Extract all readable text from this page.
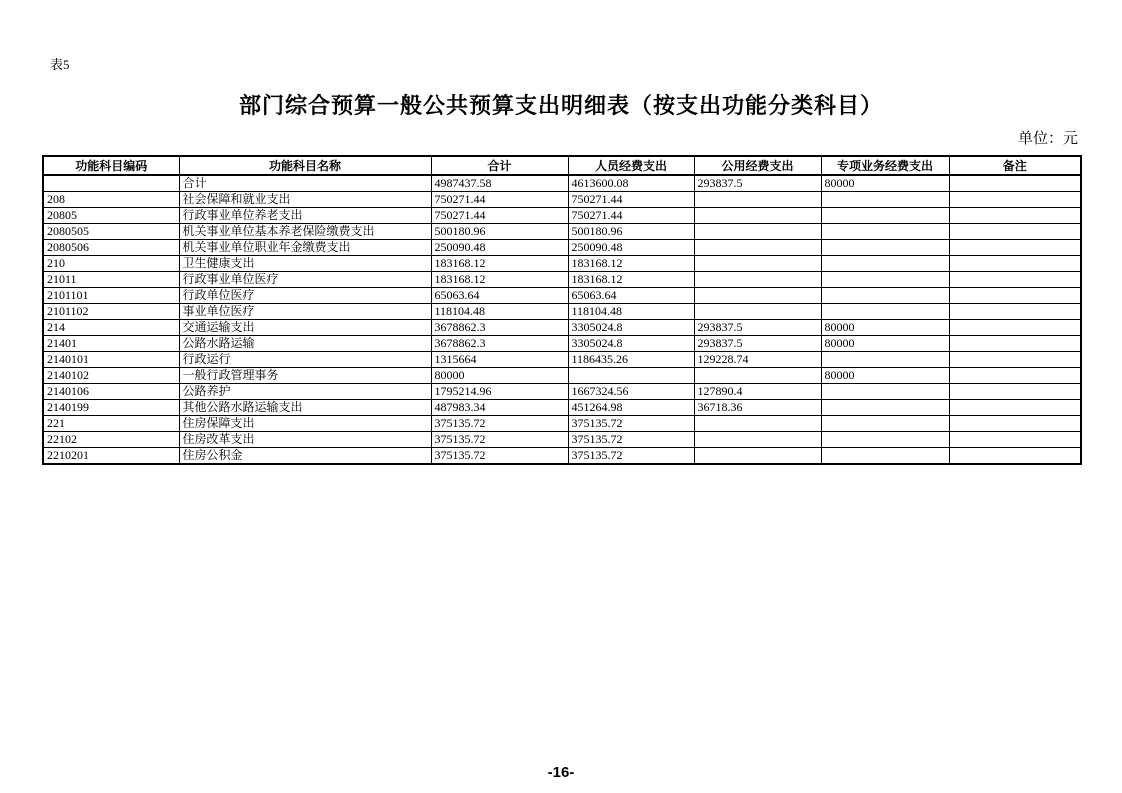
表5
部门综合预算一般公共预算支出明细表（按支出功能分类科目）
单位：元
功能科目编码	功能科目名称	合计	人员经费支出	公用经费支出	专项业务经费支出	备注
	合计	4987437.58	4613600.08	293837.5	80000	
208	社会保障和就业支出	750271.44	750271.44			
20805	行政事业单位养老支出	750271.44	750271.44			
2080505	机关事业单位基本养老保险缴费支出	500180.96	500180.96			
2080506	机关事业单位职业年金缴费支出	250090.48	250090.48			
210	卫生健康支出	183168.12	183168.12			
21011	行政事业单位医疗	183168.12	183168.12			
2101101	行政单位医疗	65063.64	65063.64			
2101102	事业单位医疗	118104.48	118104.48			
214	交通运输支出	3678862.3	3305024.8	293837.5	80000	
21401	公路水路运输	3678862.3	3305024.8	293837.5	80000	
2140101	行政运行	1315664	1186435.26	129228.74		
2140102	一般行政管理事务	80000			80000	
2140106	公路养护	1795214.96	1667324.56	127890.4		
2140199	其他公路水路运输支出	487983.34	451264.98	36718.36		
221	住房保障支出	375135.72	375135.72			
22102	住房改革支出	375135.72	375135.72			
2210201	住房公积金	375135.72	375135.72			
-16-
